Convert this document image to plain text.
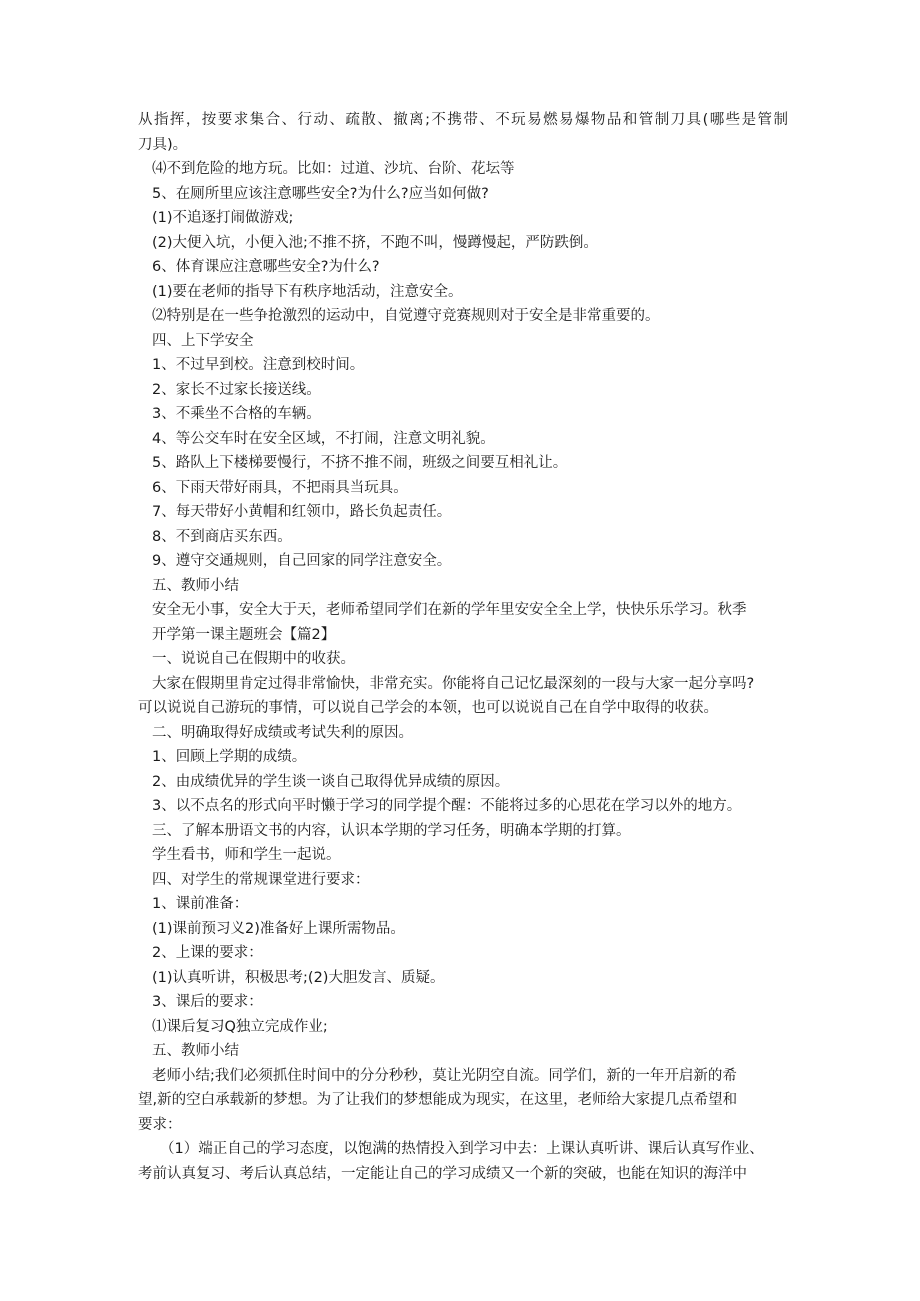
从指挥，按要求集合、行动、疏散、撤离;不携带、不玩易燃易爆物品和管制刀具(哪些是管制
刀具)。
⑷不到危险的地方玩。比如：过道、沙坑、台阶、花坛等
5、在厕所里应该注意哪些安全?为什么?应当如何做?
(1)不追逐打闹做游戏;
(2)大便入坑，小便入池;不推不挤，不跑不叫，慢蹲慢起，严防跌倒。
6、体育课应注意哪些安全?为什么?
(1)要在老师的指导下有秩序地活动，注意安全。
⑵特别是在一些争抢激烈的运动中，自觉遵守竞赛规则对于安全是非常重要的。
四、上下学安全
1、不过早到校。注意到校时间。
2、家长不过家长接送线。
3、不乘坐不合格的车辆。
4、等公交车时在安全区域，不打闹，注意文明礼貌。
5、路队上下楼梯要慢行，不挤不推不闹，班级之间要互相礼让。
6、下雨天带好雨具，不把雨具当玩具。
7、每天带好小黄帽和红领巾，路长负起责任。
8、不到商店买东西。
9、遵守交通规则，自己回家的同学注意安全。
五、教师小结
安全无小事，安全大于天，老师希望同学们在新的学年里安安全全上学，快快乐乐学习。秋季
开学第一课主题班会【篇2】
一、说说自己在假期中的收获。
大家在假期里肯定过得非常愉快，非常充实。你能将自己记忆最深刻的一段与大家一起分享吗?
可以说说自己游玩的事情，可以说自己学会的本领，也可以说说自己在自学中取得的收获。
二、明确取得好成绩或考试失利的原因。
1、回顾上学期的成绩。
2、由成绩优异的学生谈一谈自己取得优异成绩的原因。
3、以不点名的形式向平时懒于学习的同学提个醒：不能将过多的心思花在学习以外的地方。
三、了解本册语文书的内容，认识本学期的学习任务，明确本学期的打算。
学生看书，师和学生一起说。
四、对学生的常规课堂进行要求：
1、课前准备：
(1)课前预习义2)准备好上课所需物品。
2、上课的要求：
(1)认真听讲，积极思考;(2)大胆发言、质疑。
3、课后的要求：
⑴课后复习Q独立完成作业;
五、教师小结
老师小结;我们必须抓住时间中的分分秒秒，莫让光阴空自流。同学们，新的一年开启新的希
望,新的空白承载新的梦想。为了让我们的梦想能成为现实，在这里，老师给大家提几点希望和
要求：
（1）端正自己的学习态度，以饱满的热情投入到学习中去：上课认真听讲、课后认真写作业、
考前认真复习、考后认真总结，一定能让自己的学习成绩又一个新的突破，也能在知识的海洋中
